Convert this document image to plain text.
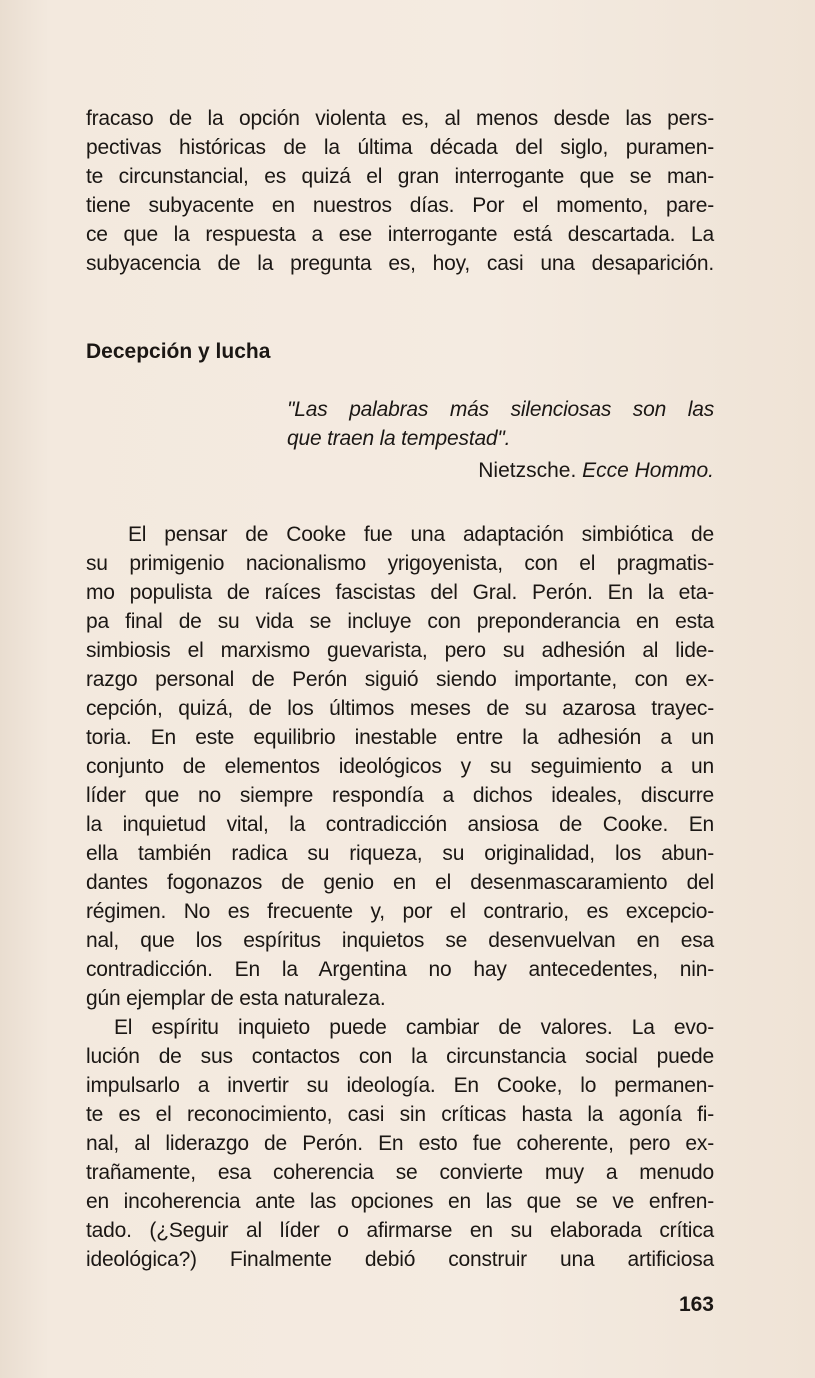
fracaso de la opción violenta es, al menos desde las pers-
pectivas históricas de la última década del siglo, puramen-
te circunstancial, es quizá el gran interrogante que se man-
tiene subyacente en nuestros días. Por el momento, pare-
ce que la respuesta a ese interrogante está descartada. La
subyacencia de la pregunta es, hoy, casi una desaparición.
Decepción y lucha
"Las palabras más silenciosas son las
que traen la tempestad".
Nietzsche. Ecce Hommo.
El pensar de Cooke fue una adaptación simbiótica de
su primigenio nacionalismo yrigoyenista, con el pragmatis-
mo populista de raíces fascistas del Gral. Perón. En la eta-
pa final de su vida se incluye con preponderancia en esta
simbiosis el marxismo guevarista, pero su adhesión al lide-
razgo personal de Perón siguió siendo importante, con ex-
cepción, quizá, de los últimos meses de su azarosa trayec-
toria. En este equilibrio inestable entre la adhesión a un
conjunto de elementos ideológicos y su seguimiento a un
líder que no siempre respondía a dichos ideales, discurre
la inquietud vital, la contradicción ansiosa de Cooke. En
ella también radica su riqueza, su originalidad, los abun-
dantes fogonazos de genio en el desenmascaramiento del
régimen. No es frecuente y, por el contrario, es excepcio-
nal, que los espíritus inquietos se desenvuelvan en esa
contradicción. En la Argentina no hay antecedentes, nin-
gún ejemplar de esta naturaleza.
El espíritu inquieto puede cambiar de valores. La evo-
lución de sus contactos con la circunstancia social puede
impulsarlo a invertir su ideología. En Cooke, lo permanen-
te es el reconocimiento, casi sin críticas hasta la agonía fi-
nal, al liderazgo de Perón. En esto fue coherente, pero ex-
trañamente, esa coherencia se convierte muy a menudo
en incoherencia ante las opciones en las que se ve enfren-
tado. (¿Seguir al líder o afirmarse en su elaborada crítica
ideológica?) Finalmente debió construir una artificiosa
163
